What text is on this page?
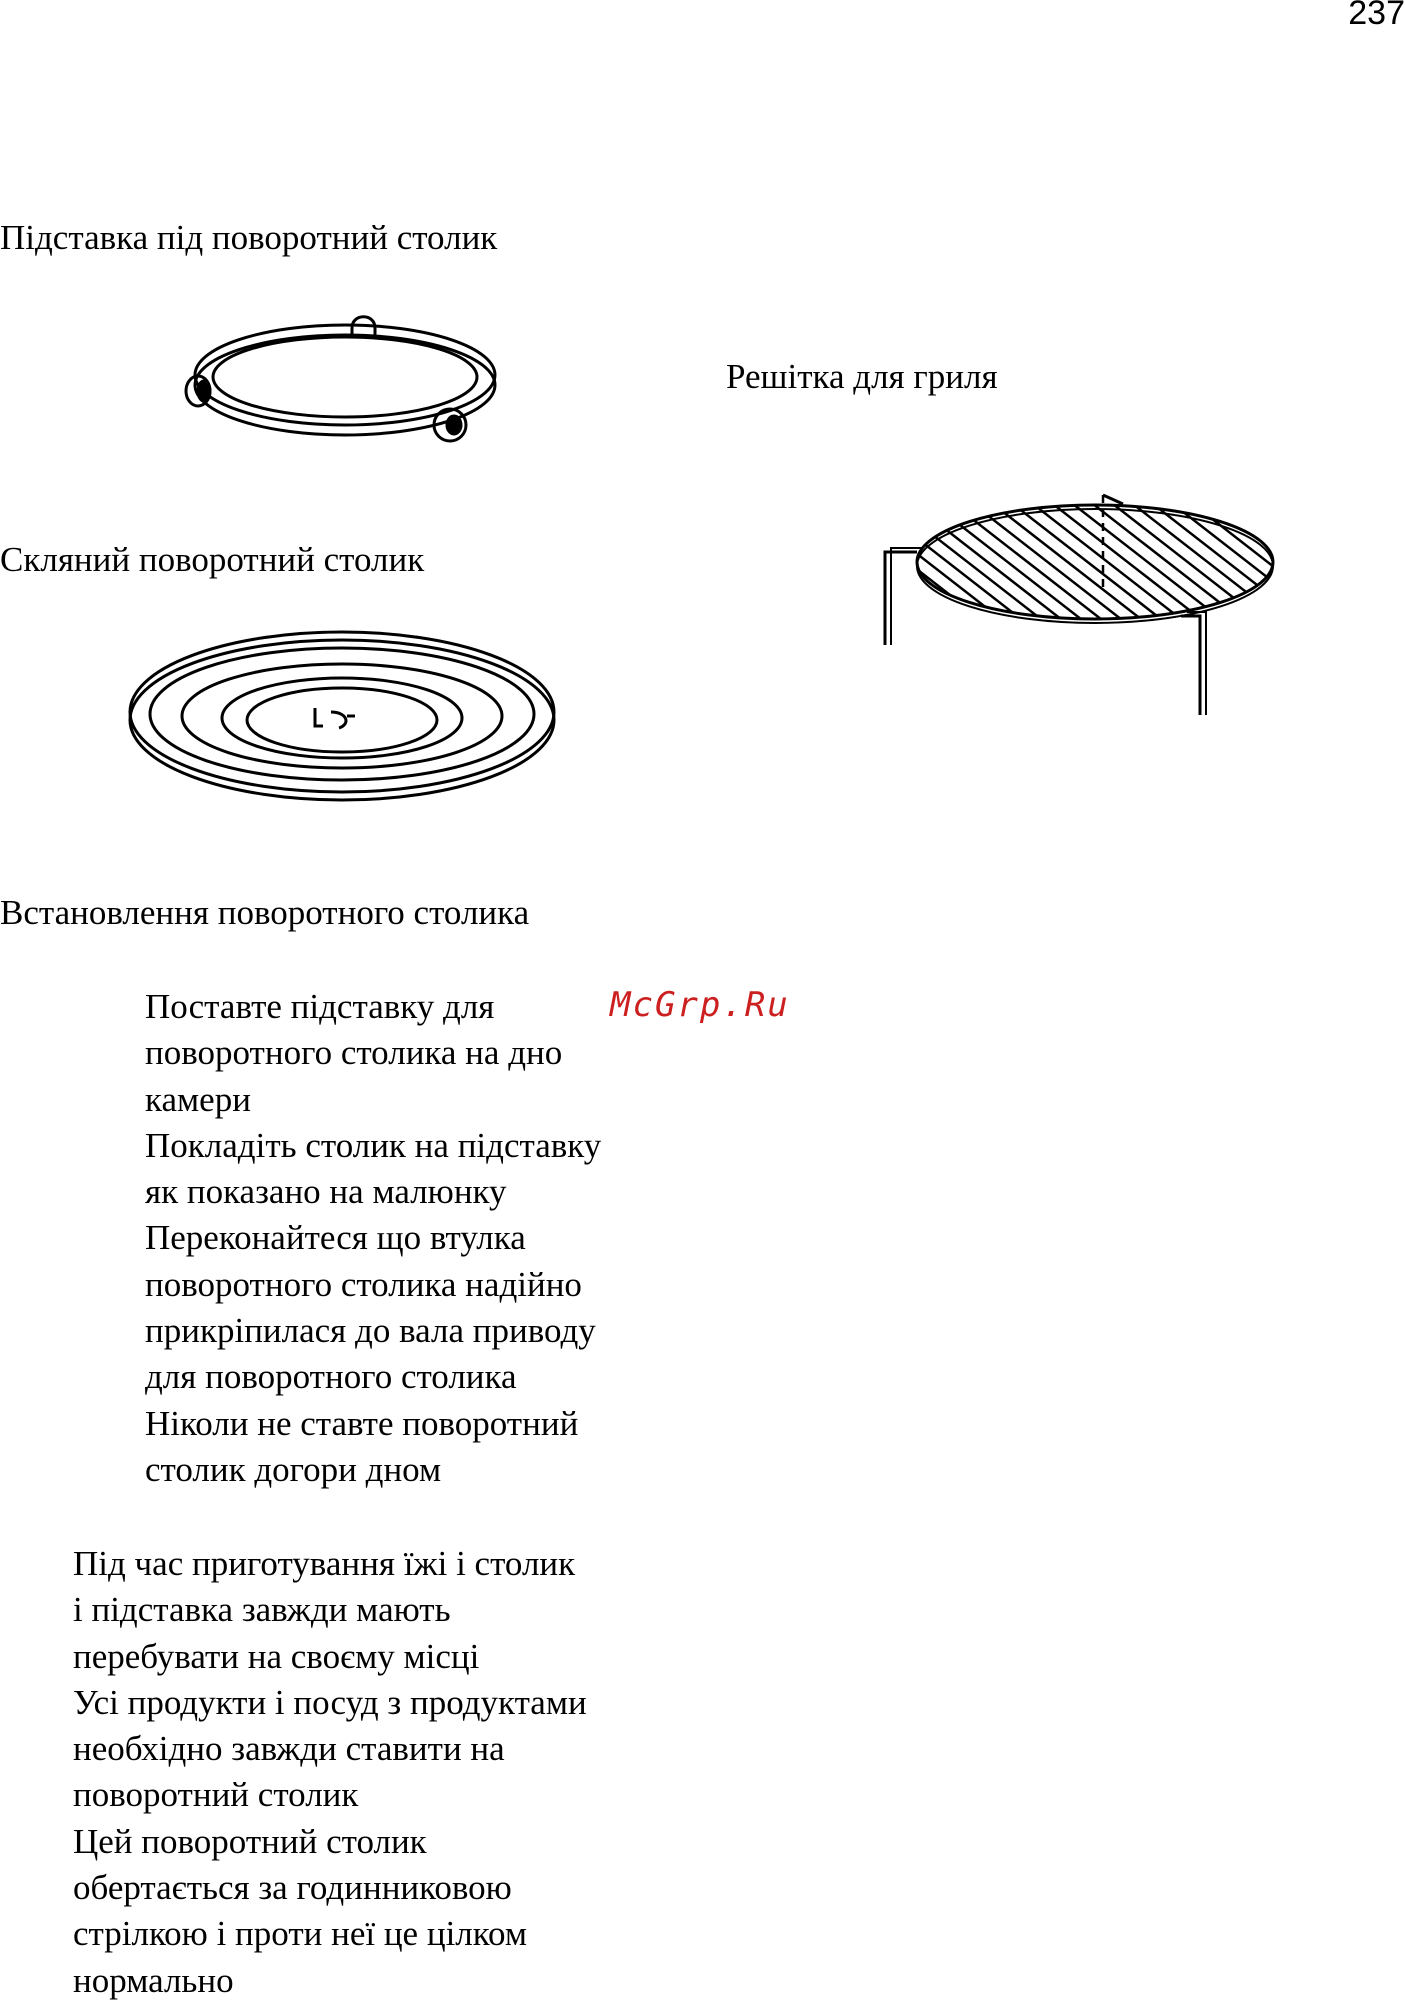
237
Підставка під поворотний столик
Решітка для гриля
Скляний поворотний столик
Встановлення поворотного столика
McGrp.Ru
Поставте підставку для
поворотного столика на дно
камери
Покладіть столик на підставку
як показано на малюнку
Переконайтеся що втулка
поворотного столика надійно
прикріпилася до вала приводу
для поворотного столика
Ніколи не ставте поворотний
столик догори дном
Під час приготування їжі і столик
і підставка завжди мають
перебувати на своєму місці
Усі продукти і посуд з продуктами
необхідно завжди ставити на
поворотний столик
Цей поворотний столик
обертається за годинниковою
стрілкою і проти неї це цілком
нормально
